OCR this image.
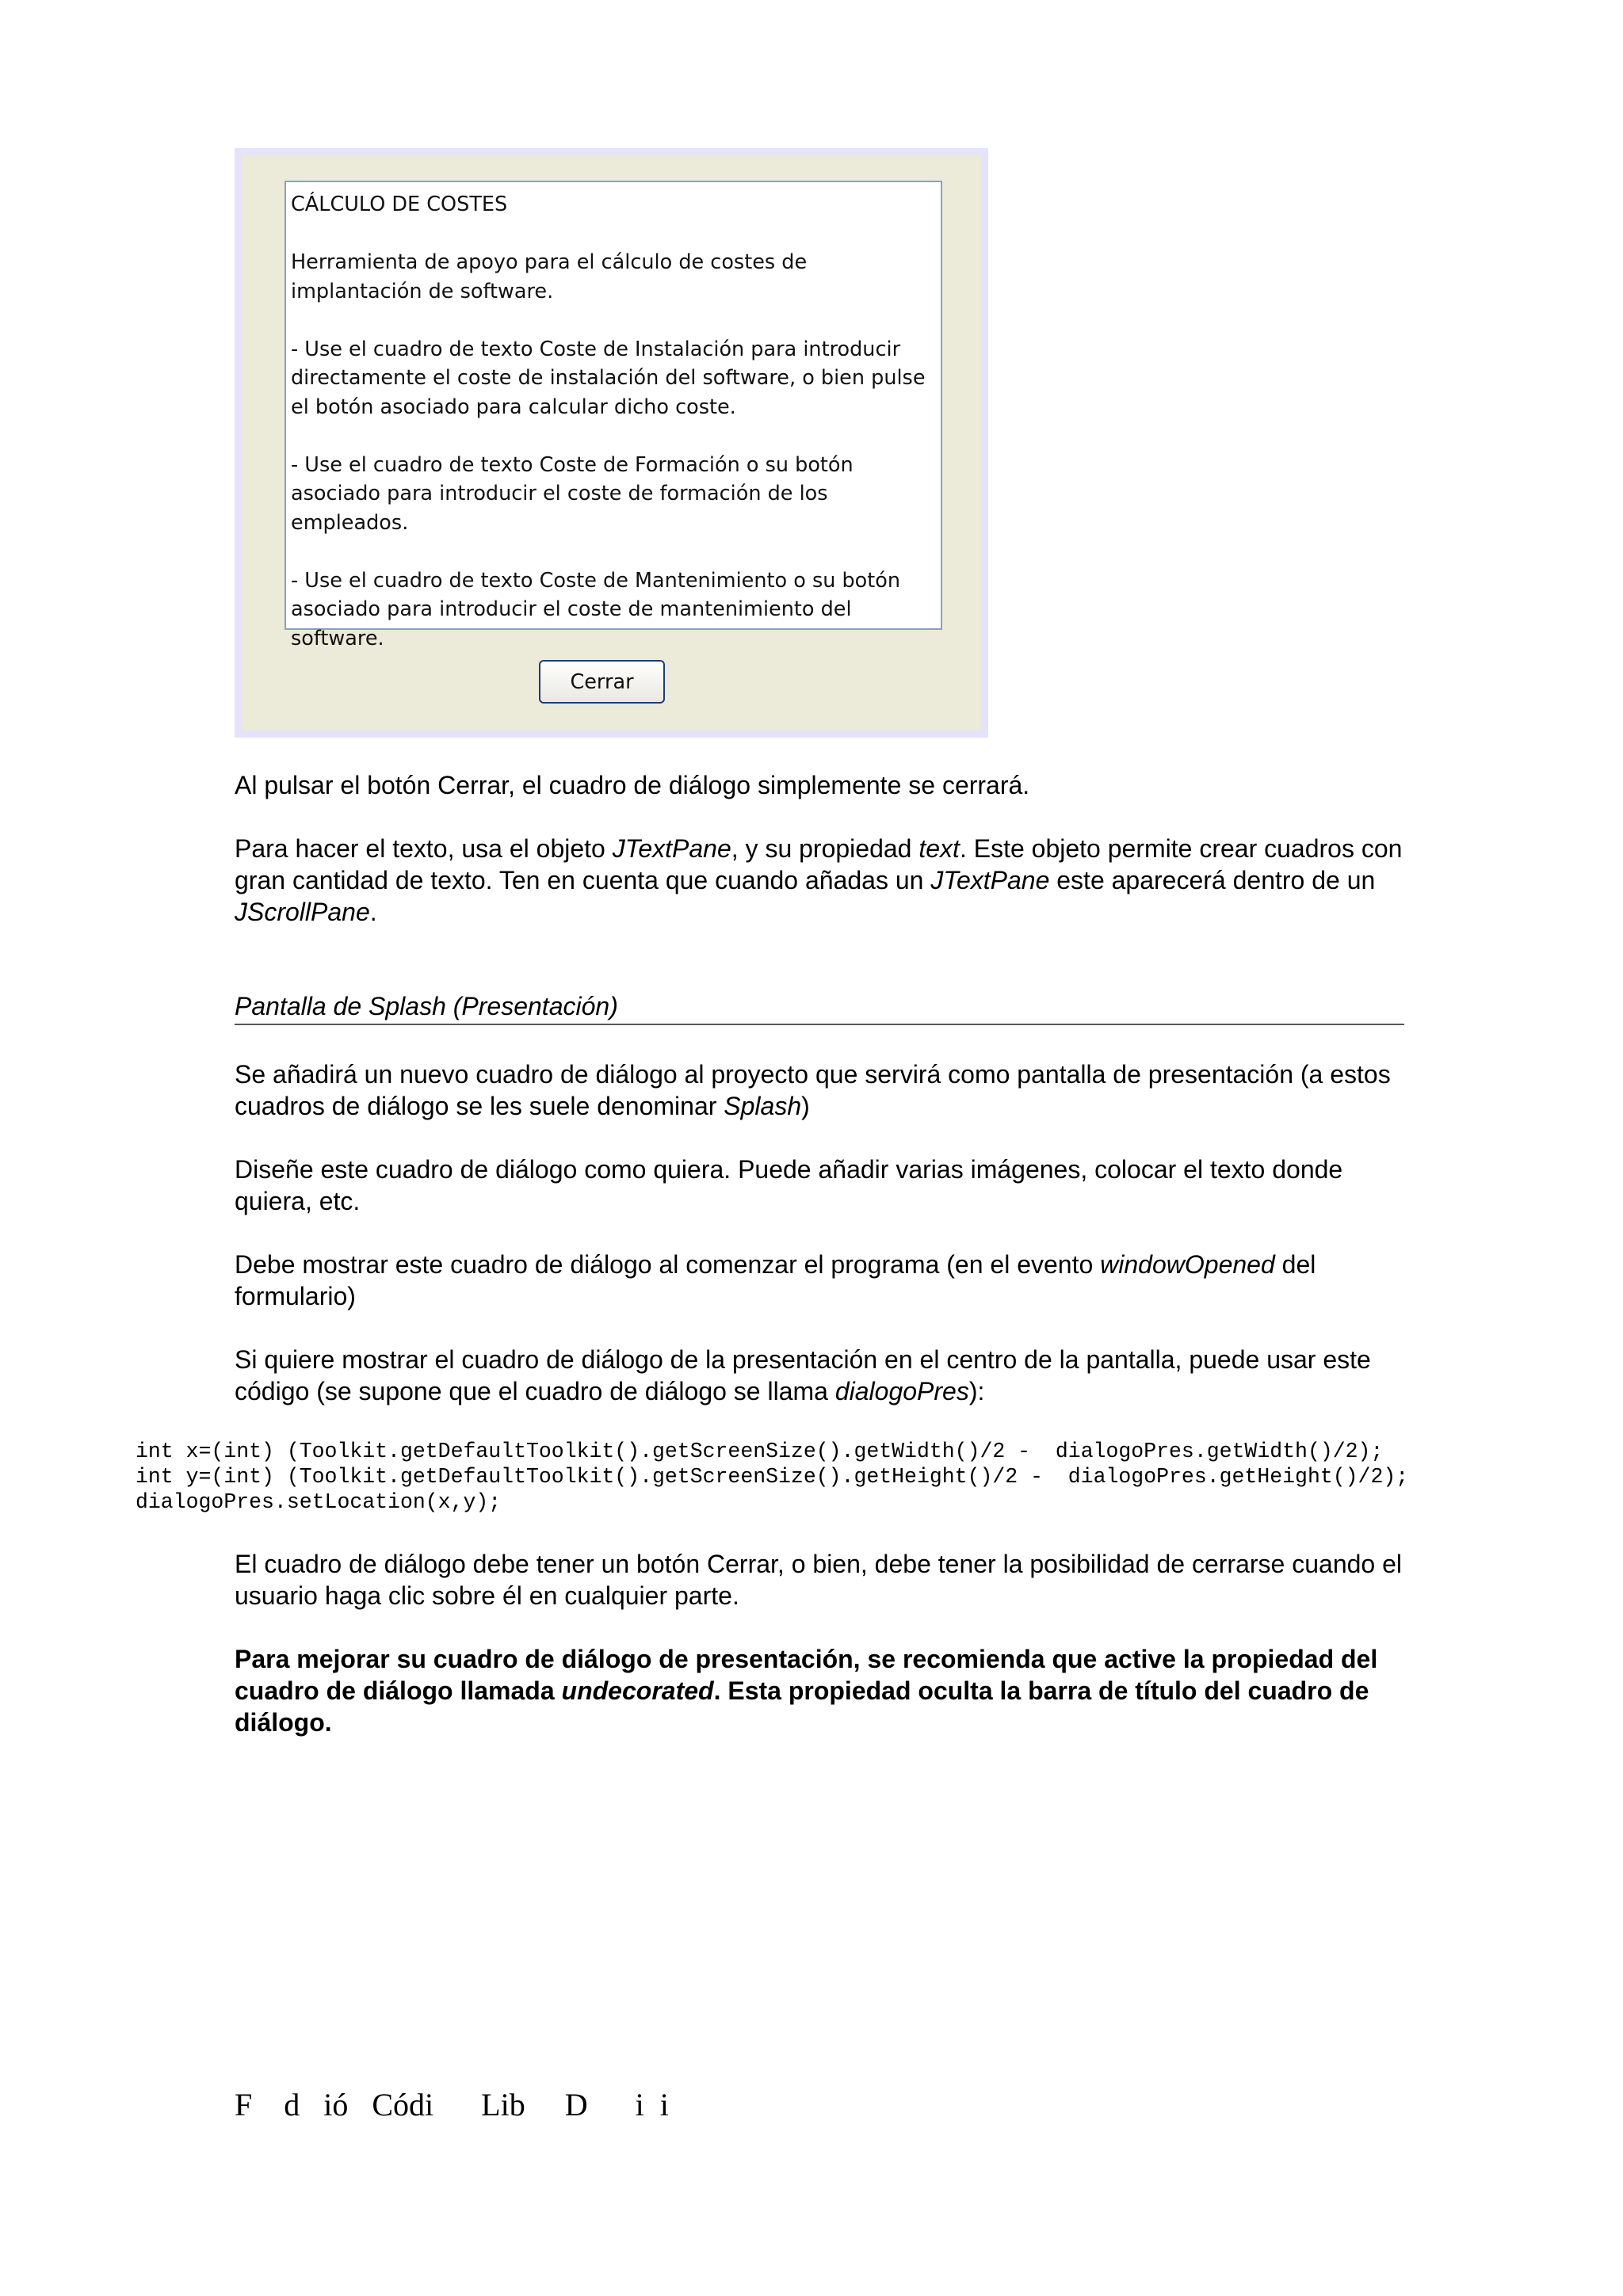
CÁLCULO DE COSTES

Herramienta de apoyo para el cálculo de costes de implantación de software.

- Use el cuadro de texto Coste de Instalación para introducir directamente el coste de instalación del software, o bien pulse el botón asociado para calcular dicho coste.

- Use el cuadro de texto Coste de Formación o su botón asociado para introducir el coste de formación de los empleados.

- Use el cuadro de texto Coste de Mantenimiento o su botón asociado para introducir el coste de mantenimiento del software.

Cerrar

Al pulsar el botón Cerrar, el cuadro de diálogo simplemente se cerrará.

Para hacer el texto, usa el objeto JTextPane, y su propiedad text. Este objeto permite crear cuadros con gran cantidad de texto. Ten en cuenta que cuando añadas un JTextPane este aparecerá dentro de un JScrollPane.

Pantalla de Splash (Presentación)

Se añadirá un nuevo cuadro de diálogo al proyecto que servirá como pantalla de presentación (a estos cuadros de diálogo se les suele denominar Splash)

Diseñe este cuadro de diálogo como quiera. Puede añadir varias imágenes, colocar el texto donde quiera, etc.

Debe mostrar este cuadro de diálogo al comenzar el programa (en el evento windowOpened del formulario)

Si quiere mostrar el cuadro de diálogo de la presentación en el centro de la pantalla, puede usar este código (se supone que el cuadro de diálogo se llama dialogoPres):

int x=(int) (Toolkit.getDefaultToolkit().getScreenSize().getWidth()/2 -  dialogoPres.getWidth()/2);
int y=(int) (Toolkit.getDefaultToolkit().getScreenSize().getHeight()/2 -  dialogoPres.getHeight()/2);
dialogoPres.setLocation(x,y);

El cuadro de diálogo debe tener un botón Cerrar, o bien, debe tener la posibilidad de cerrarse cuando el usuario haga clic sobre él en cualquier parte.

Para mejorar su cuadro de diálogo de presentación, se recomienda que active la propiedad del cuadro de diálogo llamada undecorated. Esta propiedad oculta la barra de título del cuadro de diálogo.

F    d   ió   Códi      Lib     D      i  i
